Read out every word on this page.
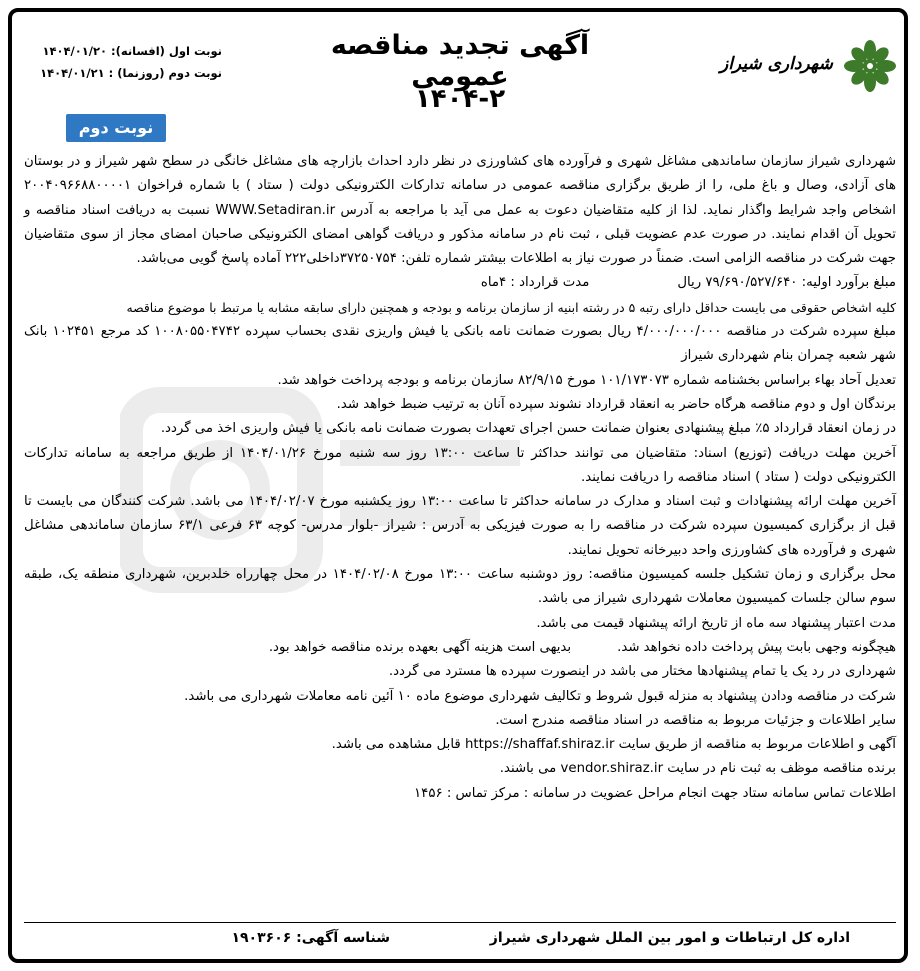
شهرداری شیراز
آگهی تجدید مناقصه عمومی
۱۴۰۴-۲
نوبت اول (افسانه): ۱۴۰۴/۰۱/۲۰
نوبت دوم (روزنما) : ۱۴۰۴/۰۱/۲۱
نوبت دوم

شهرداری شیراز سازمان ساماندهی مشاغل شهری و فرآورده های کشاورزی در نظر دارد احداث بازارچه های مشاغل خانگی در سطح شهر شیراز و در بوستان های آزادی، وصال و باغ ملی، را از طریق برگزاری مناقصه عمومی در سامانه تدارکات الکترونیکی دولت ( ستاد ) با شماره فراخوان ۲۰۰۴۰۹۶۶۸۸۰۰۰۰۱ اشخاص واجد شرایط واگذار نماید. لذا از کلیه متقاضیان دعوت به عمل می آید با مراجعه به آدرس WWW.Setadiran.ir نسبت به دریافت اسناد مناقصه و تحویل آن اقدام نمایند. در صورت عدم عضویت قبلی ، ثبت نام در سامانه مذکور و دریافت گواهی امضای الکترونیکی صاحبان امضای مجاز از سوی متقاضیان جهت شرکت در مناقصه الزامی است. ضمناً در صورت نیاز به اطلاعات بیشتر شماره تلفن: ۳۷۲۵۰۷۵۴داخلی۲۲۲ آماده پاسخ گویی می‌باشد.

مبلغ برآورد اولیه: ۷۹/۶۹۰/۵۲۷/۶۴۰ ریال
مدت قرارداد : ۴ماه

کلیه اشخاص حقوقی می بایست حداقل دارای رتبه ۵ در رشته ابنیه از سازمان برنامه و بودجه و همچنین دارای سابقه مشابه یا مرتبط با موضوع مناقصه

مبلغ سپرده شرکت در مناقصه ۴/۰۰۰/۰۰۰/۰۰۰ ریال بصورت ضمانت نامه بانکی یا فیش واریزی نقدی بحساب سپرده ۱۰۰۸۰۵۵۰۴۷۴۲ کد مرجع ۱۰۲۴۵۱ بانک شهر شعبه چمران بنام شهرداری شیراز

تعدیل آحاد بهاء براساس بخشنامه شماره ۱۰۱/۱۷۳۰۷۳ مورخ ۸۲/۹/۱۵ سازمان برنامه و بودجه پرداخت خواهد شد.

برندگان اول و دوم مناقصه هرگاه حاضر به انعقاد قرارداد نشوند سپرده آنان به ترتیب ضبط خواهد شد.

در زمان انعقاد قرارداد ۵٪ مبلغ پیشنهادی بعنوان ضمانت حسن اجرای تعهدات بصورت ضمانت نامه بانکی یا فیش واریزی اخذ می گردد.

آخرین مهلت دریافت (توزیع) اسناد: متقاضیان می توانند حداکثر تا ساعت ۱۳:۰۰ روز سه شنبه مورخ ۱۴۰۴/۰۱/۲۶ از طریق مراجعه به سامانه تدارکات الکترونیکی دولت ( ستاد ) اسناد مناقصه را دریافت نمایند.

آخرین مهلت ارائه پیشنهادات و ثبت اسناد و مدارک در سامانه حداکثر تا ساعت ۱۳:۰۰ روز یکشنبه مورخ ۱۴۰۴/۰۲/۰۷ می باشد. شرکت کنندگان می بایست تا قبل از برگزاری کمیسیون سپرده شرکت در مناقصه را به صورت فیزیکی به آدرس : شیراز -بلوار مدرس- کوچه ۶۳ فرعی ۶۳/۱ سازمان ساماندهی مشاغل شهری و فرآورده های کشاورزی واحد دبیرخانه تحویل نمایند.

محل برگزاری و زمان تشکیل جلسه کمیسیون مناقصه: روز دوشنبه ساعت ۱۳:۰۰ مورخ ۱۴۰۴/۰۲/۰۸ در محل چهارراه خلدبرین، شهرداری منطقه یک، طبقه سوم سالن جلسات کمیسیون معاملات شهرداری شیراز می باشد.

مدت اعتبار پیشنهاد سه ماه از تاریخ ارائه پیشنهاد قیمت می باشد.

هیچگونه وجهی بابت پیش پرداخت داده نخواهد شد.
بدیهی است هزینه آگهی بعهده برنده مناقصه خواهد بود.

شهرداری در رد یک یا تمام پیشنهادها مختار می باشد در اینصورت سپرده ها مسترد می گردد.

شرکت در مناقصه ودادن پیشنهاد به منزله قبول شروط و تکالیف شهرداری موضوع ماده ۱۰ آئین نامه معاملات شهرداری می باشد.

سایر اطلاعات و جزئیات مربوط به مناقصه در اسناد مناقصه مندرج است.

آگهی و اطلاعات مربوط به مناقصه از طریق سایت https://shaffaf.shiraz.ir قابل مشاهده می باشد.

برنده مناقصه موظف به ثبت نام در سایت vendor.shiraz.ir می باشند.

اطلاعات تماس سامانه ستاد جهت انجام مراحل عضویت در سامانه : مرکز تماس : ۱۴۵۶

اداره کل ارتباطات و امور بین الملل شهرداری شیراز
شناسه آگهی: ۱۹۰۳۶۰۶
